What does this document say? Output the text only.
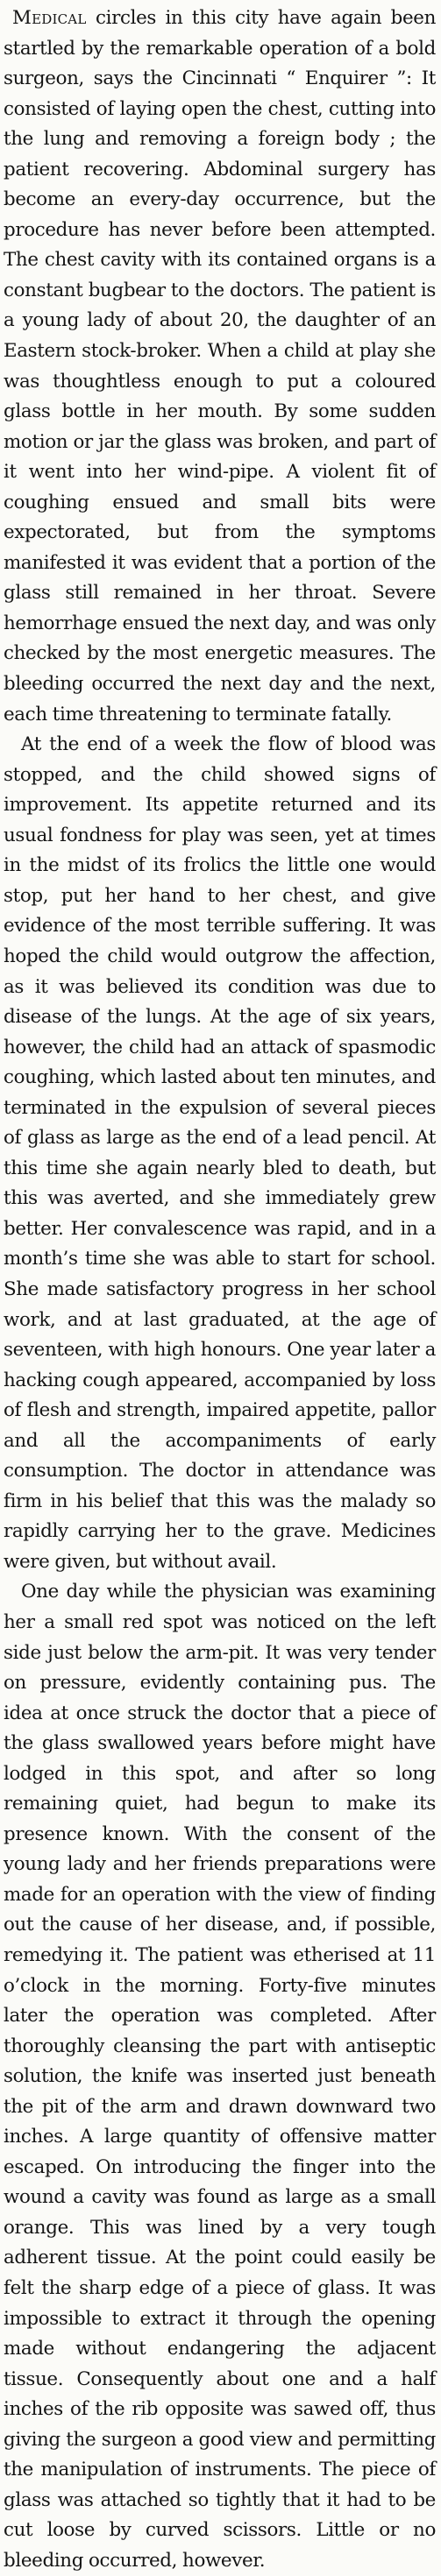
Medical circles in this city have again been startled by the remarkable operation of a bold surgeon, says the Cincinnati “ Enquirer ”: It consisted of laying open the chest, cutting into the lung and removing a foreign body ; the patient recovering. Abdominal surgery has become an every-day occurrence, but the procedure has never before been attempted. The chest cavity with its contained organs is a constant bugbear to the doctors. The patient is a young lady of about 20, the daughter of an Eastern stock-broker. When a child at play she was thoughtless enough to put a coloured glass bottle in her mouth. By some sudden motion or jar the glass was broken, and part of it went into her wind-pipe. A violent fit of coughing ensued and small bits were expectorated, but from the symptoms manifested it was evident that a portion of the glass still remained in her throat. Severe hemorrhage ensued the next day, and was only checked by the most energetic measures. The bleeding occurred the next day and the next, each time threatening to terminate fatally.

At the end of a week the flow of blood was stopped, and the child showed signs of improvement. Its appetite returned and its usual fondness for play was seen, yet at times in the midst of its frolics the little one would stop, put her hand to her chest, and give evidence of the most terrible suffering. It was hoped the child would outgrow the affection, as it was believed its condition was due to disease of the lungs. At the age of six years, however, the child had an attack of spasmodic coughing, which lasted about ten minutes, and terminated in the expulsion of several pieces of glass as large as the end of a lead pencil. At this time she again nearly bled to death, but this was averted, and she immediately grew better. Her convalescence was rapid, and in a month’s time she was able to start for school. She made satisfactory progress in her school work, and at last graduated, at the age of seventeen, with high honours. One year later a hacking cough appeared, accompanied by loss of flesh and strength, impaired appetite, pallor and all the accompaniments of early consumption. The doctor in attendance was firm in his belief that this was the malady so rapidly carrying her to the grave. Medicines were given, but without avail.

One day while the physician was examining her a small red spot was noticed on the left side just below the arm-pit. It was very tender on pressure, evidently containing pus. The idea at once struck the doctor that a piece of the glass swallowed years before might have lodged in this spot, and after so long remaining quiet, had begun to make its presence known. With the consent of the young lady and her friends preparations were made for an operation with the view of finding out the cause of her disease, and, if possible, remedying it. The patient was etherised at 11 o’clock in the morning. Forty-five minutes later the operation was completed. After thoroughly cleansing the part with antiseptic solution, the knife was inserted just beneath the pit of the arm and drawn downward two inches. A large quantity of offensive matter escaped. On introducing the finger into the wound a cavity was found as large as a small orange. This was lined by a very tough adherent tissue. At the point could easily be felt the sharp edge of a piece of glass. It was impossible to extract it through the opening made without endangering the adjacent tissue. Consequently about one and a half inches of the rib opposite was sawed off, thus giving the surgeon a good view and permitting the manipulation of instruments. The piece of glass was attached so tightly that it had to be cut loose by curved scissors. Little or no bleeding occurred, however.
